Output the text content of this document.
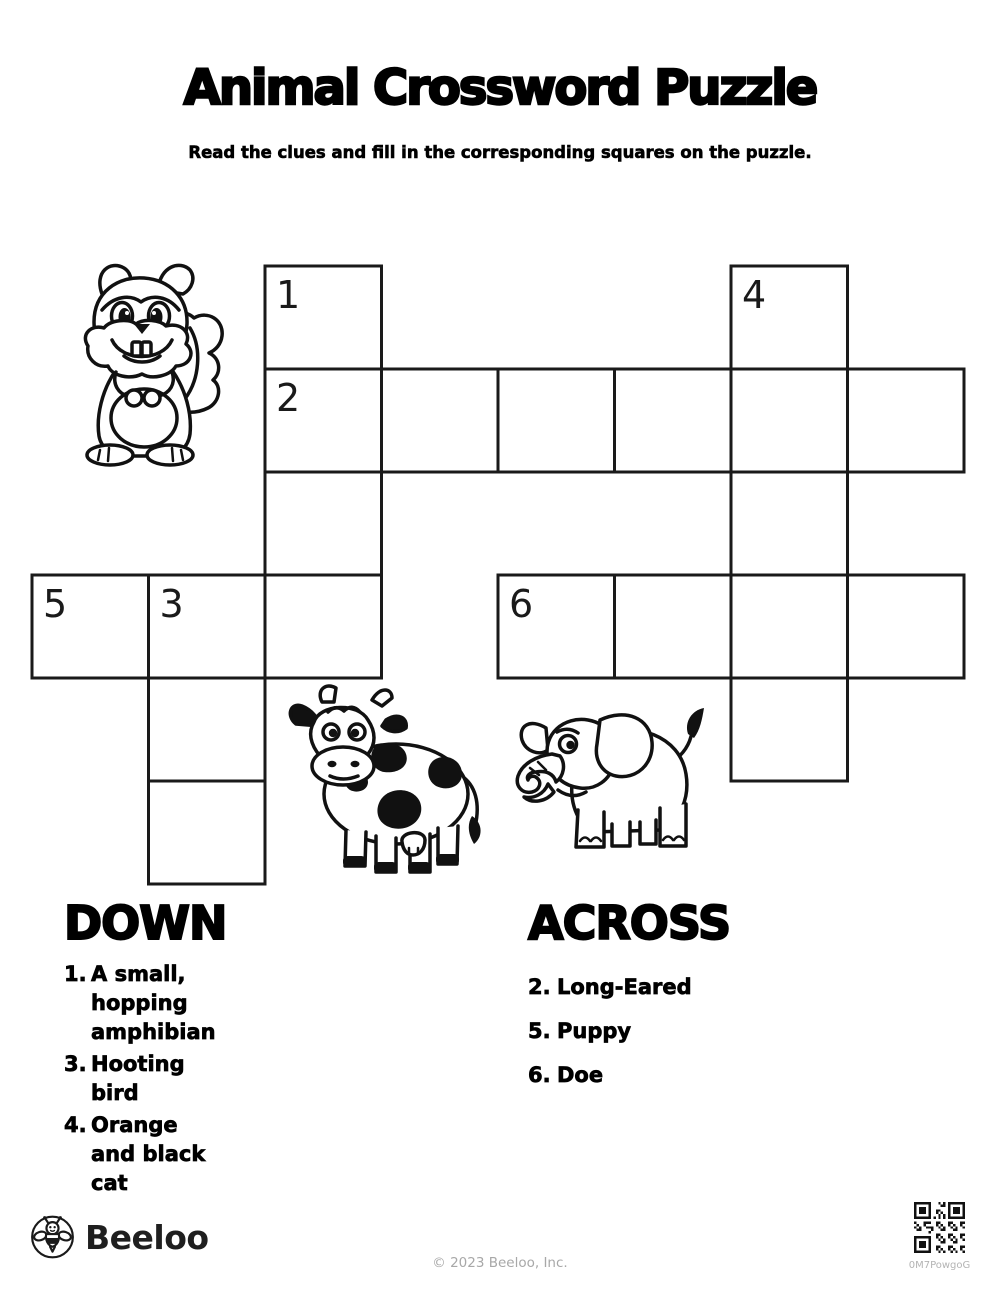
Animal Crossword Puzzle
Read the clues and fill in the corresponding squares on the puzzle.
1	4
2
5 3	6
DOWN
1. A small, hopping amphibian
3. Hooting bird
4. Orange and black cat
ACROSS
2. Long-Eared
5. Puppy
6. Doe
Beeloo
© 2023 Beeloo, Inc.	0M7PowgoG
